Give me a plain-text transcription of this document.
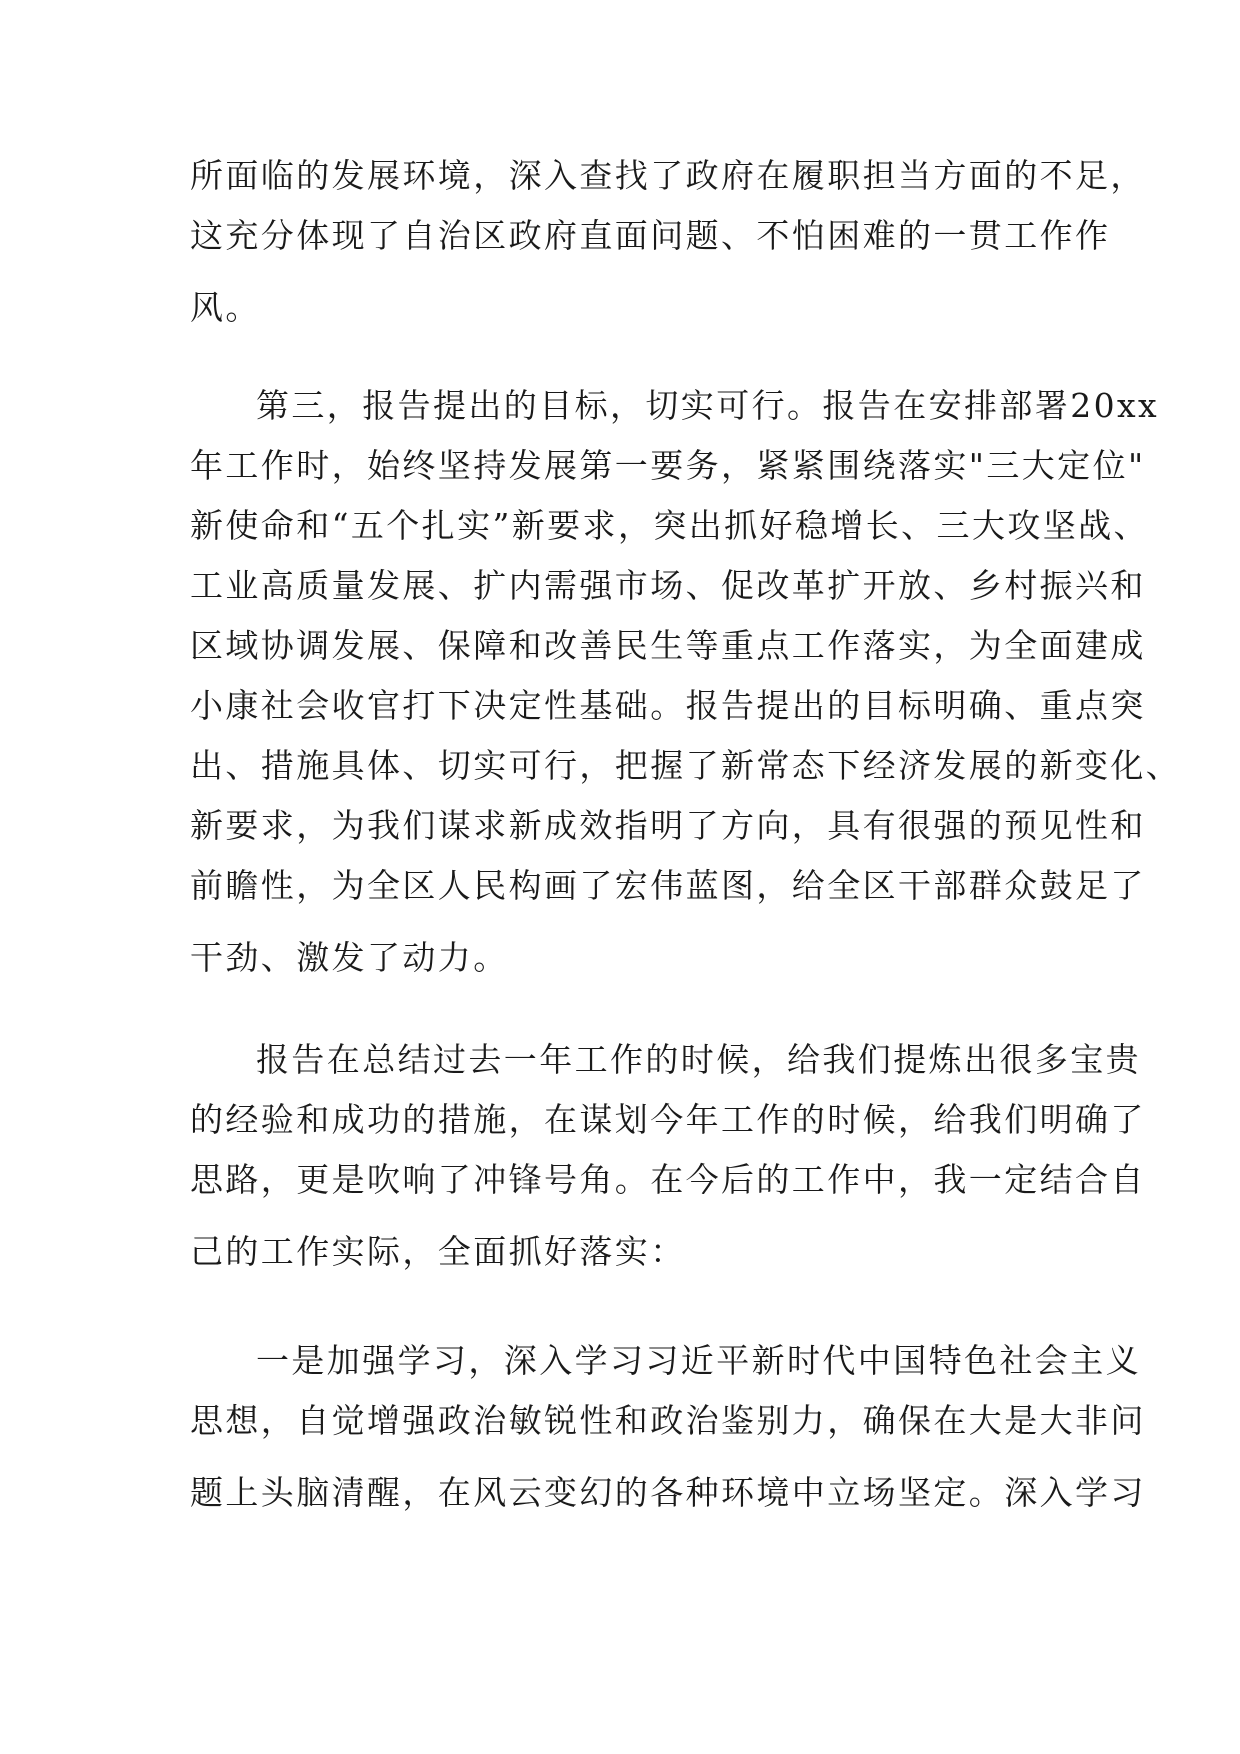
所面临的发展环境，深入查找了政府在履职担当方面的不足，
这充分体现了自治区政府直面问题、不怕困难的一贯工作作
风。
第三，报告提出的目标，切实可行。报告在安排部署20xx
年工作时，始终坚持发展第一要务，紧紧围绕落实"三大定位"
新使命和“五个扎实”新要求，突出抓好稳增长、三大攻坚战、
工业高质量发展、扩内需强市场、促改革扩开放、乡村振兴和
区域协调发展、保障和改善民生等重点工作落实，为全面建成
小康社会收官打下决定性基础。报告提出的目标明确、重点突
出、措施具体、切实可行，把握了新常态下经济发展的新变化、
新要求，为我们谋求新成效指明了方向，具有很强的预见性和
前瞻性，为全区人民构画了宏伟蓝图，给全区干部群众鼓足了
干劲、激发了动力。
报告在总结过去一年工作的时候，给我们提炼出很多宝贵
的经验和成功的措施，在谋划今年工作的时候，给我们明确了
思路，更是吹响了冲锋号角。在今后的工作中，我一定结合自
己的工作实际，全面抓好落实：
一是加强学习，深入学习习近平新时代中国特色社会主义
思想，自觉增强政治敏锐性和政治鉴别力，确保在大是大非问
题上头脑清醒，在风云变幻的各种环境中立场坚定。深入学习
